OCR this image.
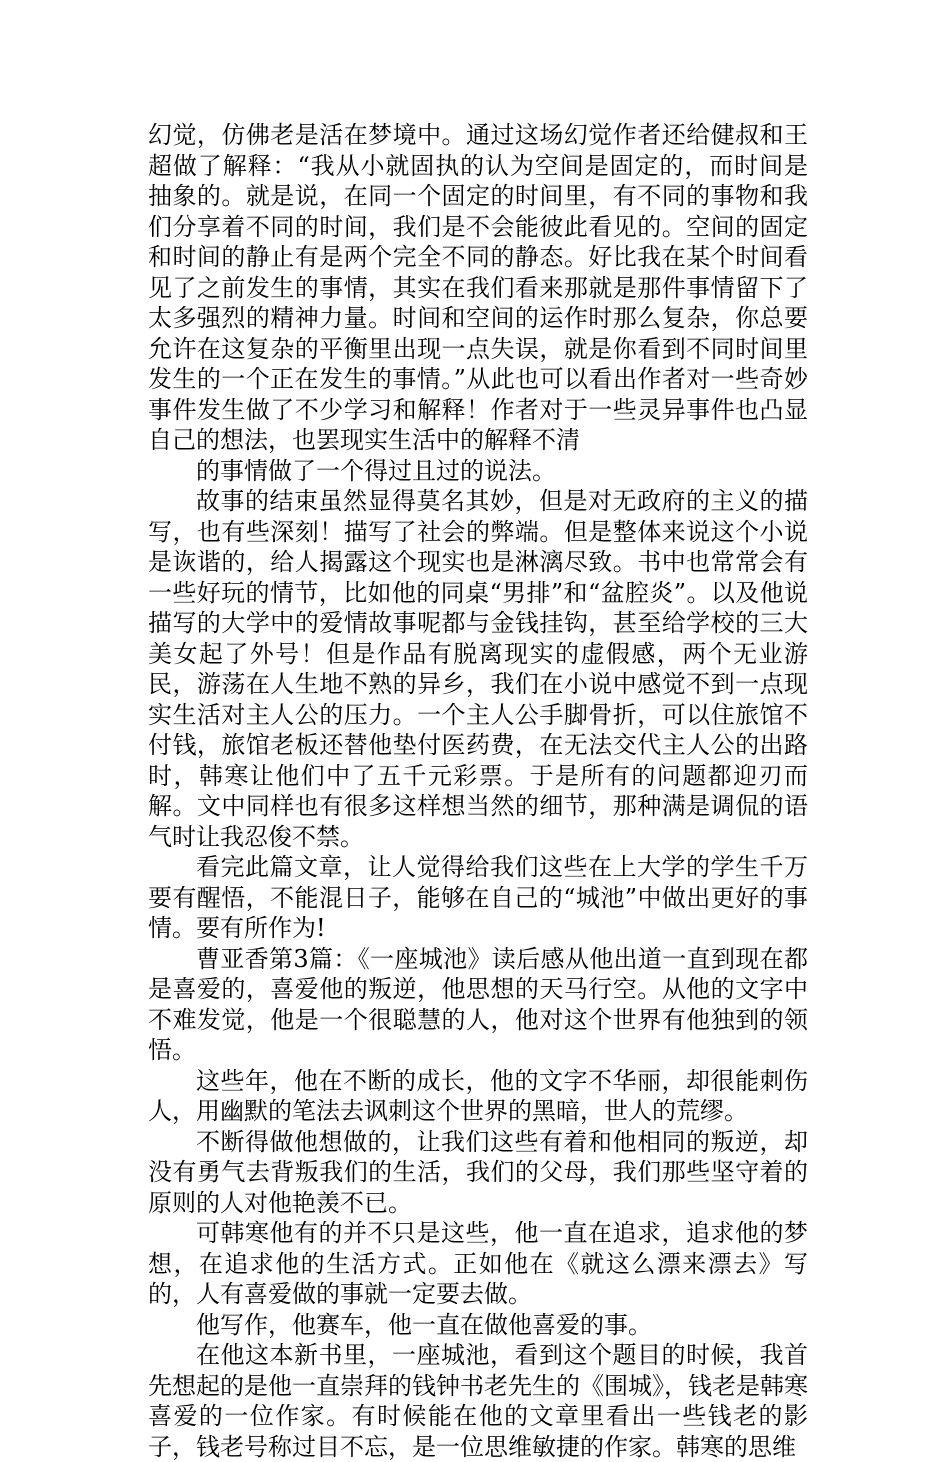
幻觉，仿佛老是活在梦境中。通过这场幻觉作者还给健叔和王超做了解释：“我从小就固执的认为空间是固定的，而时间是抽象的。就是说，在同一个固定的时间里，有不同的事物和我们分享着不同的时间，我们是不会能彼此看见的。空间的固定和时间的静止有是两个完全不同的静态。好比我在某个时间看见了之前发生的事情，其实在我们看来那就是那件事情留下了太多强烈的精神力量。时间和空间的运作时那么复杂，你总要允许在这复杂的平衡里出现一点失误，就是你看到不同时间里发生的一个正在发生的事情。”从此也可以看出作者对一些奇妙事件发生做了不少学习和解释！作者对于一些灵异事件也凸显自己的想法，也罢现实生活中的解释不清

的事情做了一个得过且过的说法。

故事的结束虽然显得莫名其妙，但是对无政府的主义的描写，也有些深刻！描写了社会的弊端。但是整体来说这个小说是诙谐的，给人揭露这个现实也是淋漓尽致。书中也常常会有一些好玩的情节，比如他的同桌“男排”和“盆腔炎”。以及他说描写的大学中的爱情故事呢都与金钱挂钩，甚至给学校的三大美女起了外号！但是作品有脱离现实的虚假感，两个无业游民，游荡在人生地不熟的异乡，我们在小说中感觉不到一点现实生活对主人公的压力。一个主人公手脚骨折，可以住旅馆不付钱，旅馆老板还替他垫付医药费，在无法交代主人公的出路时，韩寒让他们中了五千元彩票。于是所有的问题都迎刃而解。文中同样也有很多这样想当然的细节，那种满是调侃的语气时让我忍俊不禁。

看完此篇文章，让人觉得给我们这些在上大学的学生千万要有醒悟，不能混日子，能够在自己的“城池”中做出更好的事情。要有所作为!

曹亚香第3篇：《一座城池》读后感从他出道一直到现在都是喜爱的，喜爱他的叛逆，他思想的天马行空。从他的文字中不难发觉，他是一个很聪慧的人，他对这个世界有他独到的领悟。

这些年，他在不断的成长，他的文字不华丽，却很能刺伤人，用幽默的笔法去讽刺这个世界的黑暗，世人的荒缪。

不断得做他想做的，让我们这些有着和他相同的叛逆，却没有勇气去背叛我们的生活，我们的父母，我们那些坚守着的原则的人对他艳羡不已。

可韩寒他有的并不只是这些，他一直在追求，追求他的梦想，在追求他的生活方式。正如他在《就这么漂来漂去》写的，人有喜爱做的事就一定要去做。

他写作，他赛车，他一直在做他喜爱的事。

在他这本新书里，一座城池，看到这个题目的时候，我首先想起的是他一直崇拜的钱钟书老先生的《围城》，钱老是韩寒喜爱的一位作家。有时候能在他的文章里看出一些钱老的影子，钱老号称过目不忘，是一位思维敏捷的作家。韩寒的思维
